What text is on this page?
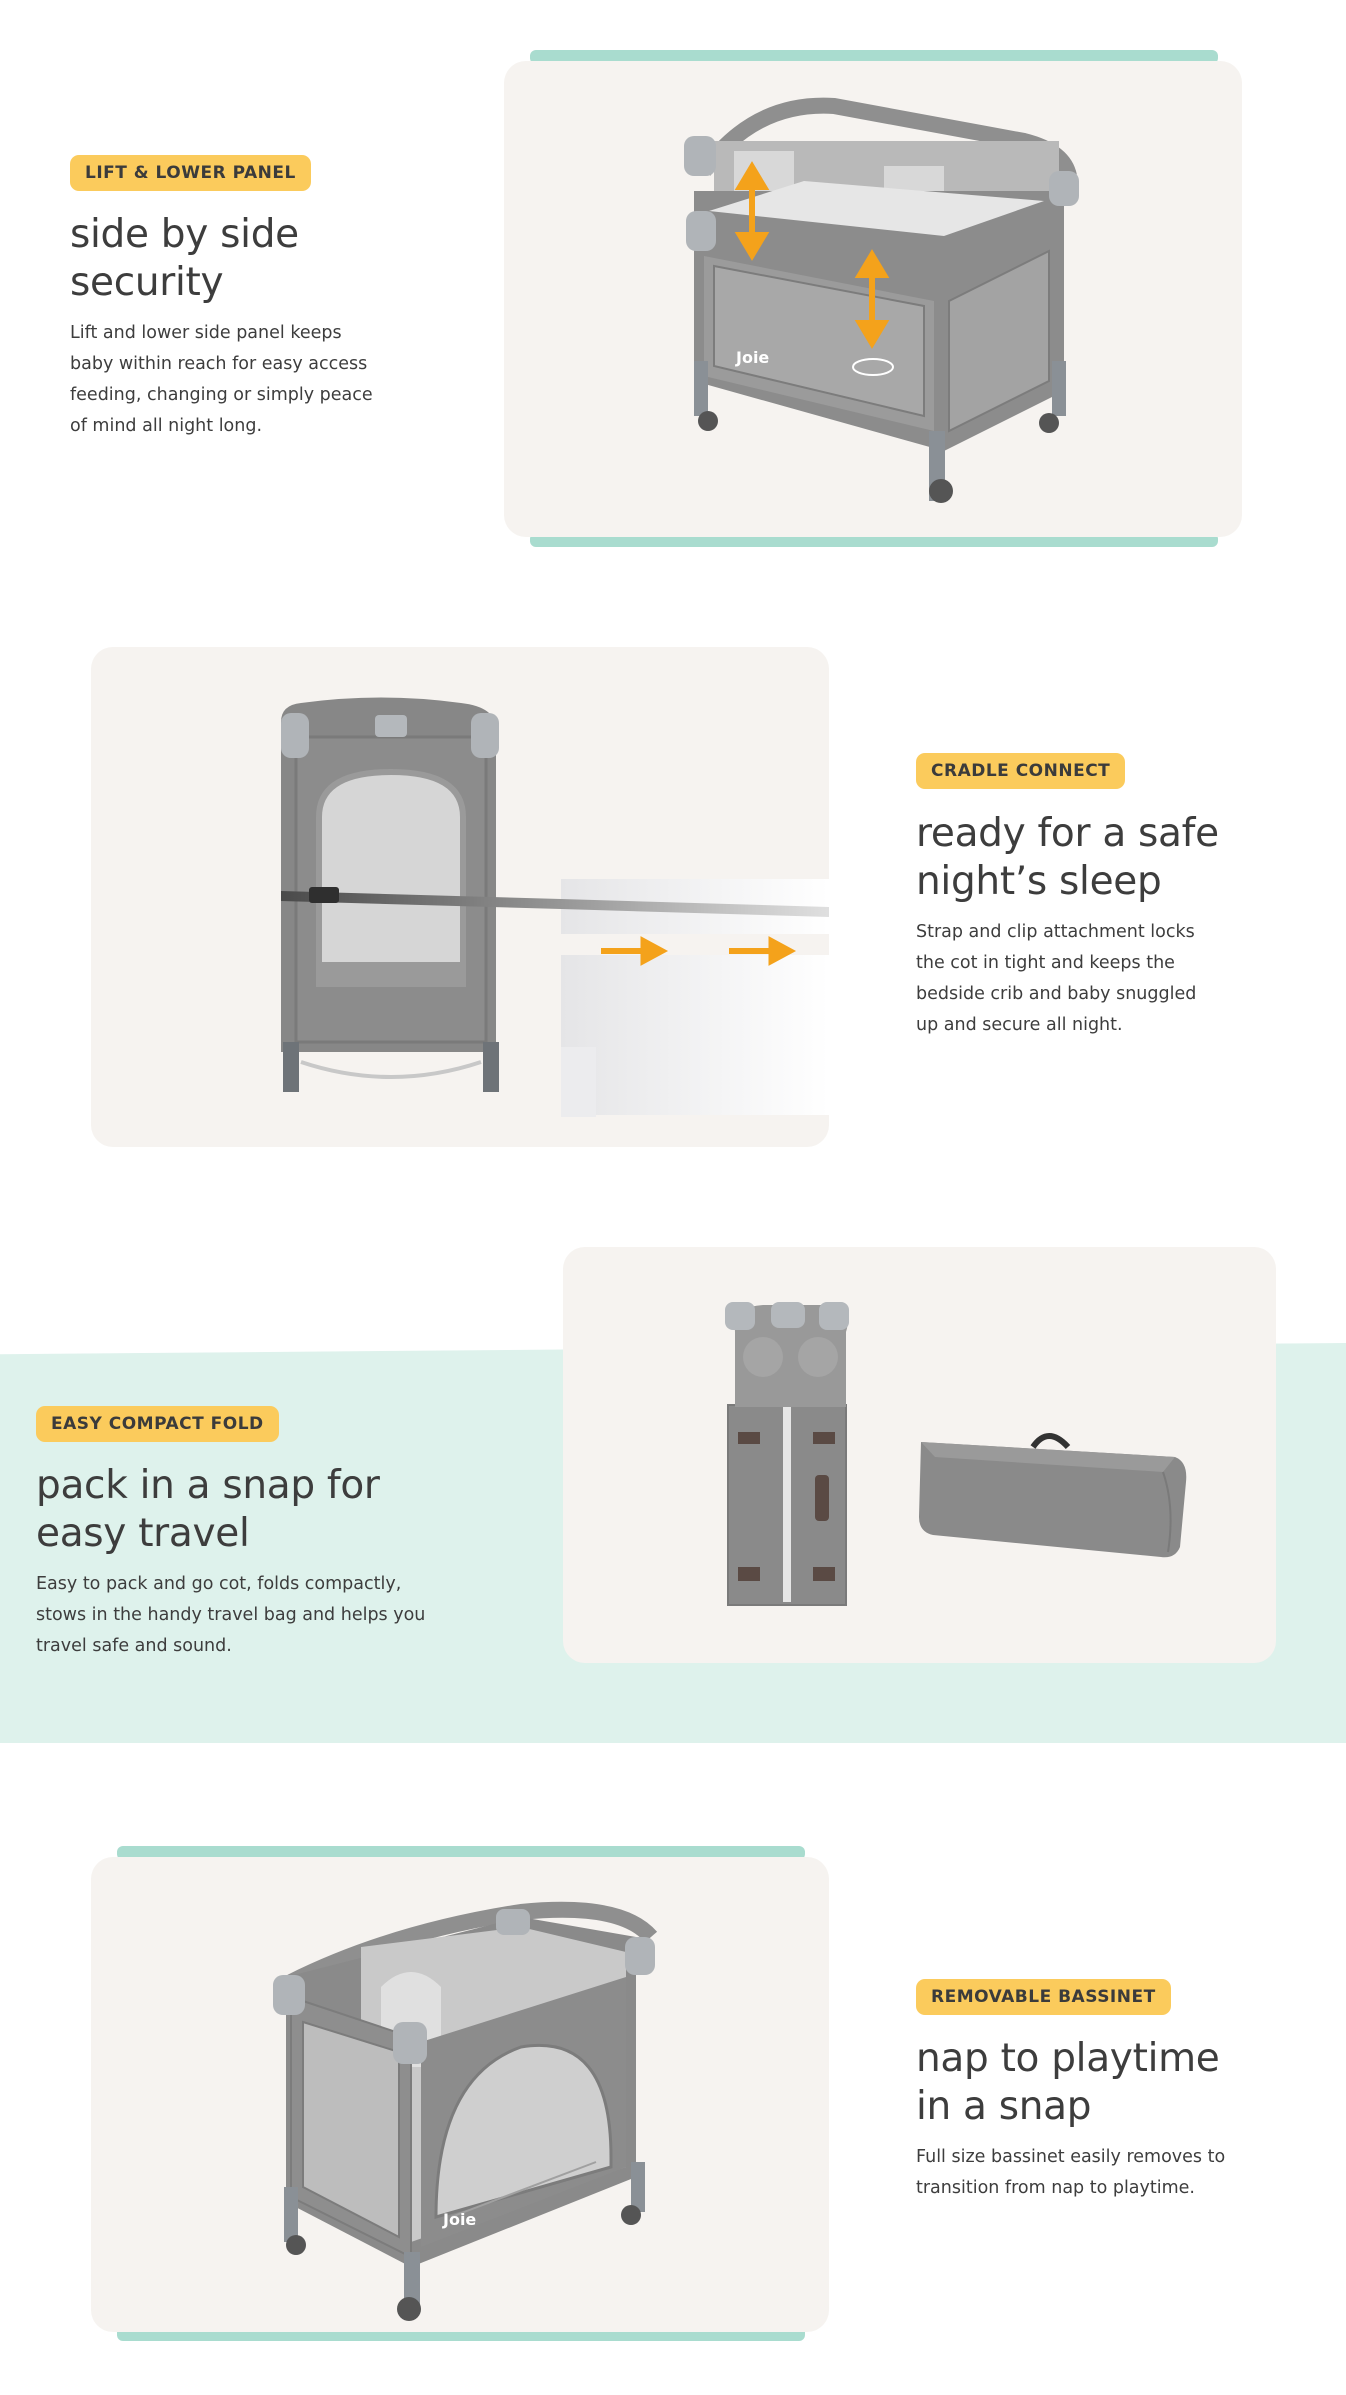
Joie
LIFT & LOWER PANEL
side by side
security
Lift and lower side panel keeps
baby within reach for easy access
feeding, changing or simply peace
of mind all night long.
CRADLE CONNECT
ready for a safe
night’s sleep
Strap and clip attachment locks
the cot in tight and keeps the
bedside crib and baby snuggled
up and secure all night.
EASY COMPACT FOLD
pack in a snap for
easy travel
Easy to pack and go cot, folds compactly,
stows in the handy travel bag and helps you
travel safe and sound.
Joie
REMOVABLE BASSINET
nap to playtime
in a snap
Full size bassinet easily removes to
transition from nap to playtime.
